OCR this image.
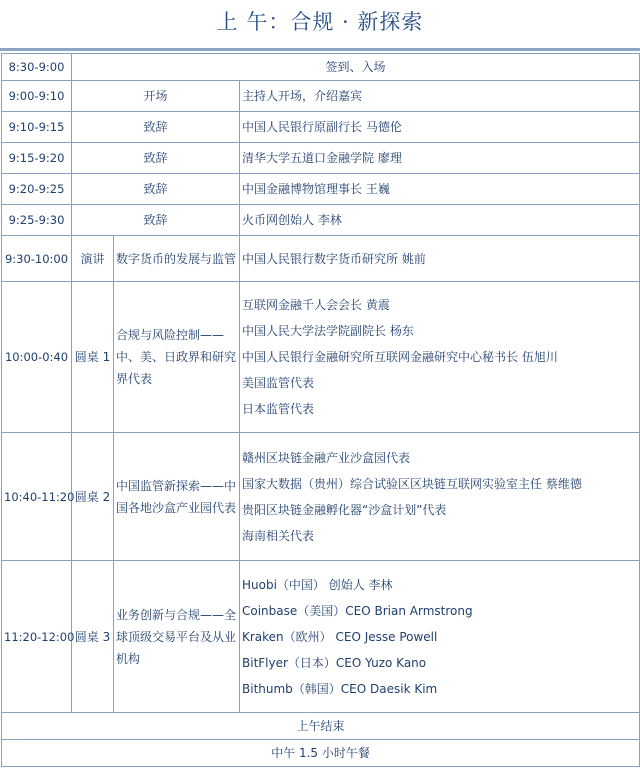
上 午：合规 · 新探索
8:30-9:00	签到、入场		
9:00-9:10	开场		主持人开场，介绍嘉宾

9:10-9:15	致辞		中国人民银行原副行长 马德伦

9:15-9:20	致辞		清华大学五道口金融学院 廖理

9:20-9:25	致辞		中国金融博物馆理事长 王巍

9:25-9:30	致辞		火币网创始人 李林

9:30-10:00	演讲	数字货币的发展与监管	中国人民银行数字货币研究所 姚前

10:00-0:40	圆桌 1	合规与风险控制——中、美、日政界和研究界代表	互联网金融千人会会长 黄震
中国人民大学法学院副院长 杨东
中国人民银行金融研究所互联网金融研究中心秘书长 伍旭川
美国监管代表
日本监管代表

10:40-11:20	圆桌 2	中国监管新探索——中国各地沙盒产业园代表	赣州区块链金融产业沙盒园代表
国家大数据（贵州）综合试验区区块链互联网实验室主任 蔡维德
贵阳区块链金融孵化器“沙盒计划”代表
海南相关代表

11:20-12:00	圆桌 3	业务创新与合规——全球顶级交易平台及从业机构	Huobi（中国） 创始人 李林
Coinbase（美国）CEO Brian Armstrong
Kraken（欧州） CEO Jesse Powell
BitFlyer（日本）CEO Yuzo Kano
Bithumb（韩国）CEO Daesik Kim

上午结束			
中午 1.5 小时午餐			
